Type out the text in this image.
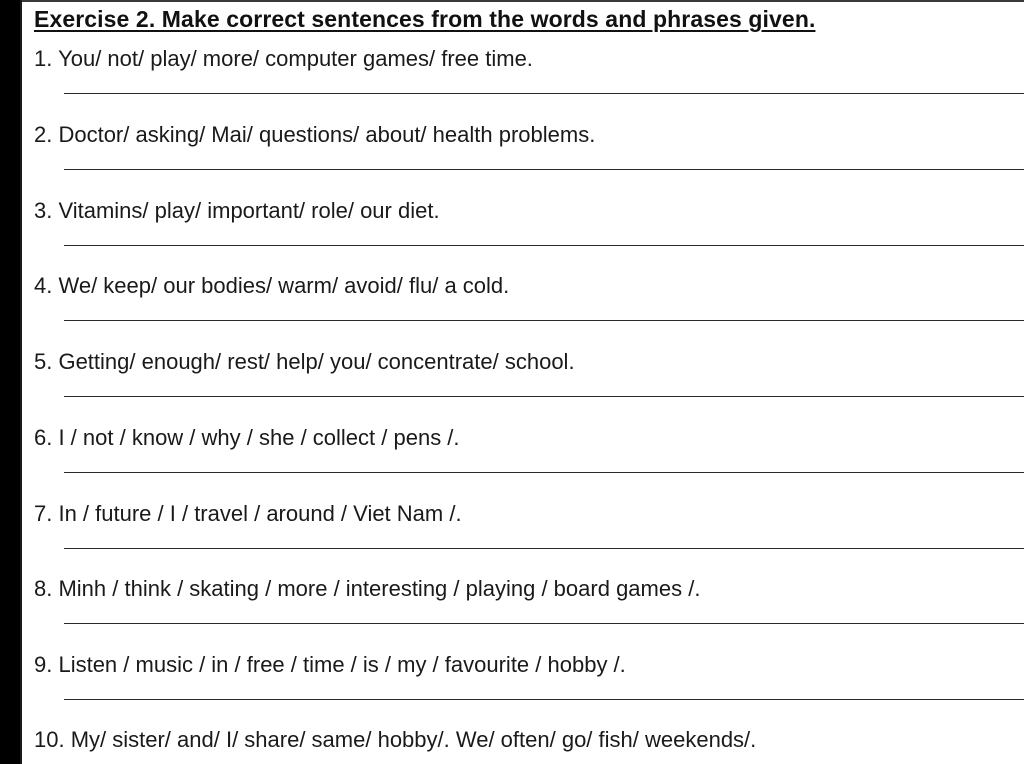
Exercise 2. Make correct sentences from the words and phrases given.
1. You/ not/ play/ more/ computer games/ free time.
2. Doctor/ asking/ Mai/ questions/ about/ health problems.
3. Vitamins/ play/ important/ role/ our diet.
4. We/ keep/ our bodies/ warm/ avoid/ flu/ a cold.
5. Getting/ enough/ rest/ help/ you/ concentrate/ school.
6. I / not / know / why / she / collect / pens /.
7. In / future / I / travel / around / Viet Nam /.
8. Minh / think / skating / more / interesting / playing / board games /.
9. Listen / music / in / free / time / is / my / favourite / hobby /.
10. My/ sister/ and/ I/ share/ same/ hobby/. We/ often/ go/ fish/ weekends/.
